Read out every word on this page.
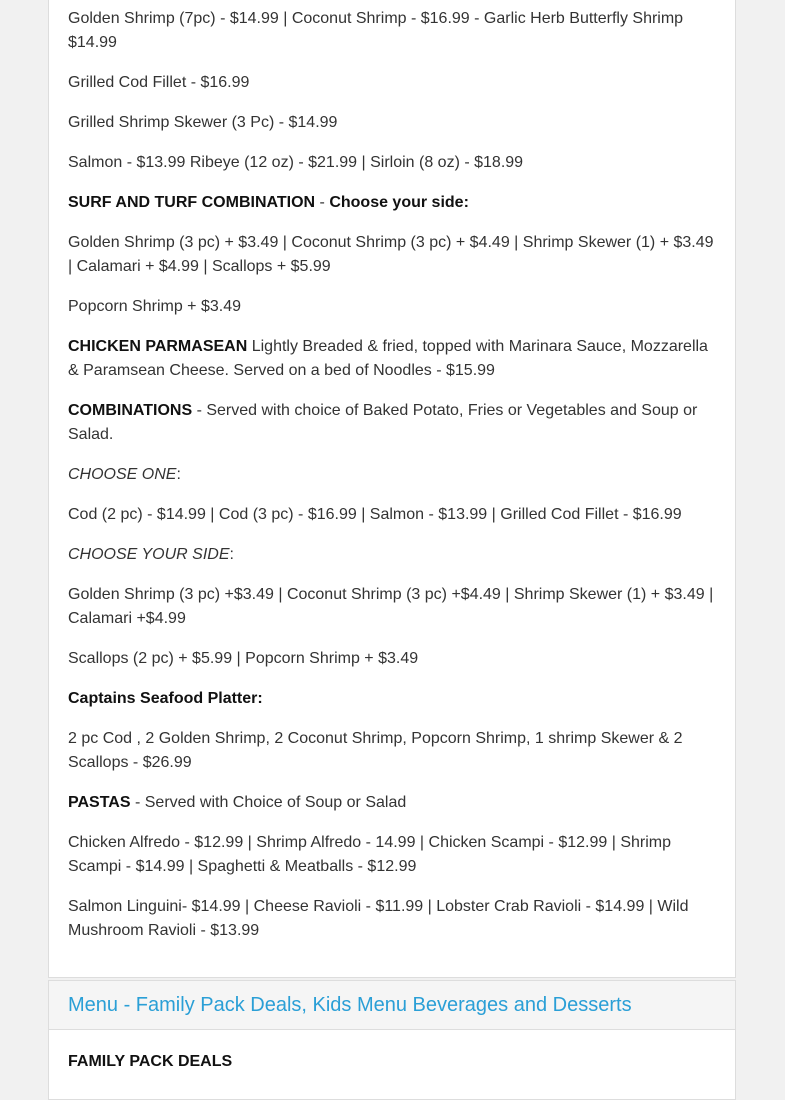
Golden Shrimp (7pc) - $14.99 | Coconut Shrimp - $16.99 - Garlic Herb Butterfly Shrimp $14.99

Grilled Cod Fillet - $16.99

Grilled Shrimp Skewer (3 Pc) - $14.99

Salmon - $13.99 Ribeye (12 oz) - $21.99 | Sirloin (8 oz) - $18.99

SURF AND TURF COMBINATION - Choose your side:

Golden Shrimp (3 pc) + $3.49 | Coconut Shrimp (3 pc) + $4.49 | Shrimp Skewer (1) + $3.49 | Calamari + $4.99 | Scallops + $5.99

Popcorn Shrimp + $3.49

CHICKEN PARMASEAN Lightly Breaded & fried, topped with Marinara Sauce, Mozzarella & Paramsean Cheese. Served on a bed of Noodles - $15.99

COMBINATIONS - Served with choice of Baked Potato, Fries or Vegetables and Soup or Salad.

CHOOSE ONE:

Cod (2 pc) - $14.99 | Cod (3 pc) - $16.99 | Salmon - $13.99 | Grilled Cod Fillet - $16.99

CHOOSE YOUR SIDE:

Golden Shrimp (3 pc) +$3.49 | Coconut Shrimp (3 pc) +$4.49 | Shrimp Skewer (1) + $3.49 | Calamari +$4.99

Scallops (2 pc) + $5.99 | Popcorn Shrimp + $3.49

Captains Seafood Platter:

2 pc Cod , 2 Golden Shrimp, 2 Coconut Shrimp, Popcorn Shrimp, 1 shrimp Skewer & 2 Scallops - $26.99

PASTAS - Served with Choice of Soup or Salad

Chicken Alfredo - $12.99 | Shrimp Alfredo - 14.99 | Chicken Scampi - $12.99 | Shrimp Scampi - $14.99 | Spaghetti & Meatballs - $12.99

Salmon Linguini- $14.99 | Cheese Ravioli - $11.99 | Lobster Crab Ravioli - $14.99 | Wild Mushroom Ravioli - $13.99

Menu - Family Pack Deals, Kids Menu Beverages and Desserts

FAMILY PACK DEALS
